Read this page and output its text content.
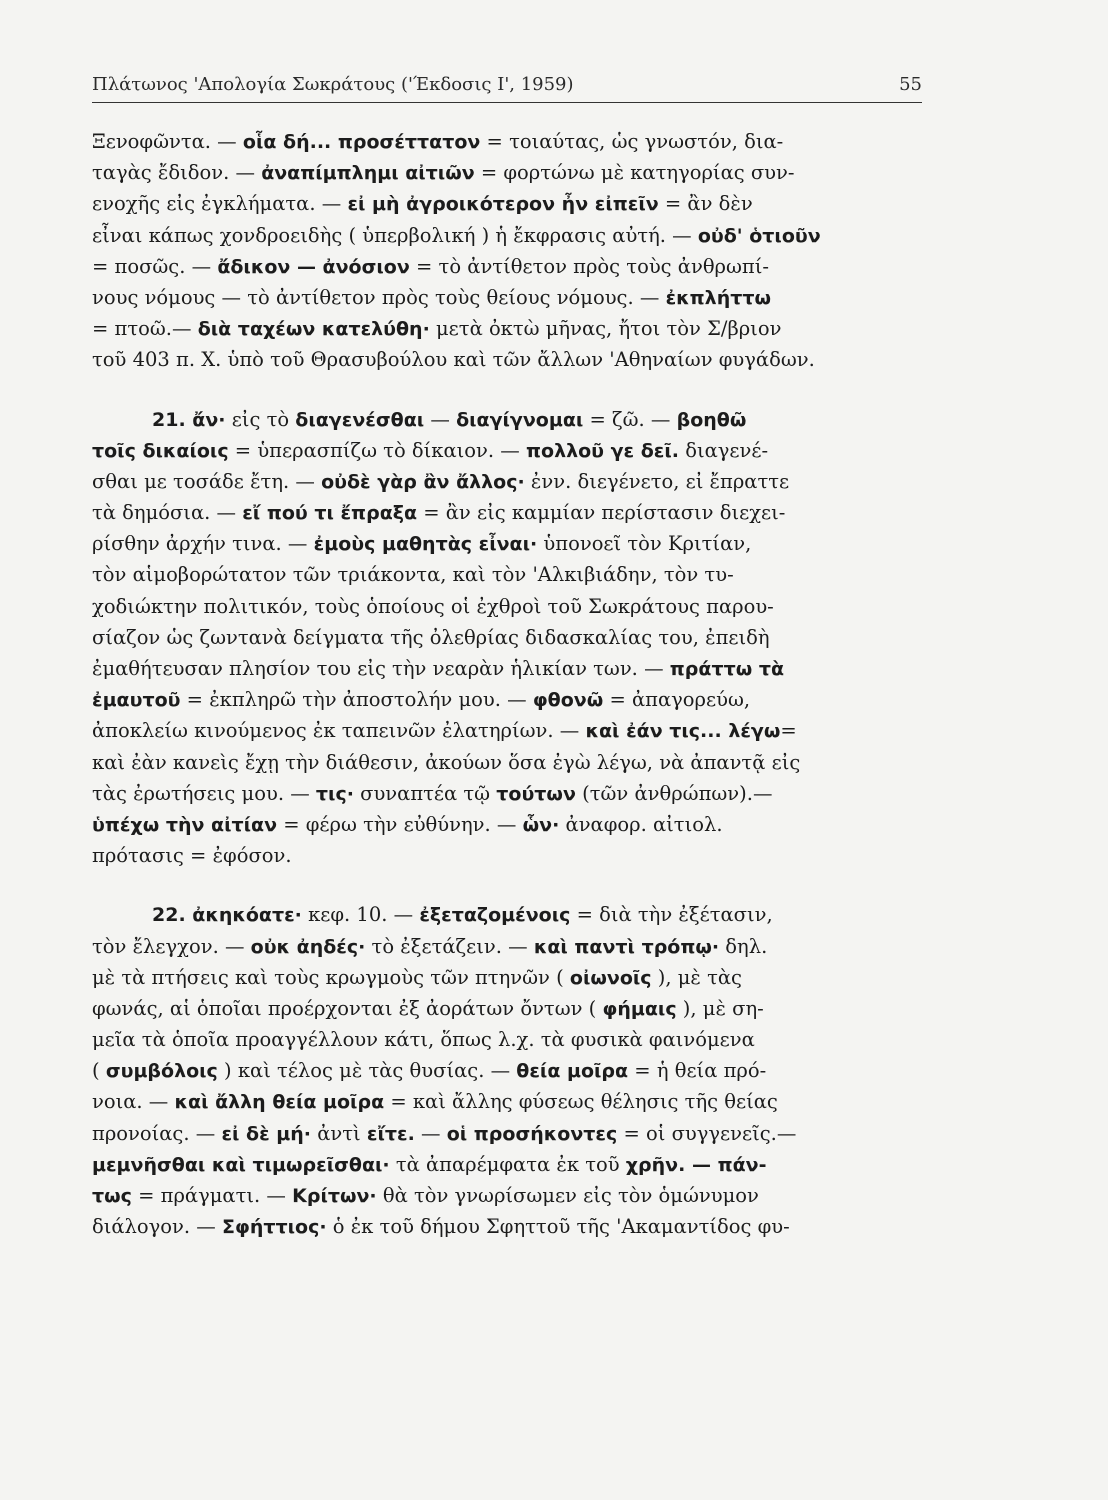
Πλάτωνος 'Απολογία Σωκράτους ('Έκδοσις Ι', 1959)	55
Ξενοφῶντα. — οἷα δή... προσέττατον = τοιαύτας, ὡς γνωστόν, δια-
ταγὰς ἔδιδον. — ἀναπίμπλημι αἰτιῶν = φορτώνω μὲ κατηγορίας συν-
ενοχῆς εἰς ἐγκλήματα. — εἰ μὴ ἀγροικότερον ἦν εἰπεῖν = ἂν δὲν
εἶναι κάπως χονδροειδὴς ( ὑπερβολική ) ἡ ἔκφρασις αὐτή. — οὐδ' ὁτιοῦν
= ποσῶς. — ἄδικον — ἀνόσιον = τὸ ἀντίθετον πρὸς τοὺς ἀνθρωπί-
νους νόμους — τὸ ἀντίθετον πρὸς τοὺς θείους νόμους. — ἐκπλήττω
= πτοῶ.— διὰ ταχέων κατελύθη· μετὰ ὀκτὼ μῆνας, ἤτοι τὸν Σ/βριον
τοῦ 403 π. Χ. ὑπὸ τοῦ Θρασυβούλου καὶ τῶν ἄλλων 'Αθηναίων φυγάδων.
21. ἄν· εἰς τὸ διαγενέσθαι — διαγίγνομαι = ζῶ. — βοηθῶ
τοῖς δικαίοις = ὑπερασπίζω τὸ δίκαιον. — πολλοῦ γε δεῖ. διαγενέ-
σθαι με τοσάδε ἔτη. — οὐδὲ γὰρ ἂν ἄλλος· ἐνν. διεγένετο, εἰ ἔπραττε
τὰ δημόσια. — εἴ πού τι ἔπραξα = ἂν εἰς καμμίαν περίστασιν διεχει-
ρίσθην ἀρχήν τινα. — ἐμοὺς μαθητὰς εἶναι· ὑπονοεῖ τὸν Κριτίαν,
τὸν αἱμοβορώτατον τῶν τριάκοντα, καὶ τὸν 'Αλκιβιάδην, τὸν τυ-
χοδιώκτην πολιτικόν, τοὺς ὁποίους οἱ ἐχθροὶ τοῦ Σωκράτους παρου-
σίαζον ὡς ζωντανὰ δείγματα τῆς ὀλεθρίας διδασκαλίας του, ἐπειδὴ
ἐμαθήτευσαν πλησίον του εἰς τὴν νεαρὰν ἡλικίαν των. — πράττω τὰ
ἐμαυτοῦ = ἐκπληρῶ τὴν ἀποστολήν μου. — φθονῶ = ἀπαγορεύω,
ἀποκλείω κινούμενος ἐκ ταπεινῶν ἐλατηρίων. — καὶ ἐάν τις... λέγω=
καὶ ἐὰν κανεὶς ἔχῃ τὴν διάθεσιν, ἀκούων ὅσα ἐγὼ λέγω, νὰ ἀπαντᾷ εἰς
τὰς ἐρωτήσεις μου. — τις· συναπτέα τῷ τούτων (τῶν ἀνθρώπων).—
ὑπέχω τὴν αἰτίαν = φέρω τὴν εὐθύνην. — ὧν· ἀναφορ. αἰτιολ.
πρότασις = ἐφόσον.
22. ἀκηκόατε· κεφ. 10. — ἐξεταζομένοις = διὰ τὴν ἐξέτασιν,
τὸν ἔλεγχον. — οὐκ ἀηδές· τὸ ἐξετάζειν. — καὶ παντὶ τρόπῳ· δηλ.
μὲ τὰ πτήσεις καὶ τοὺς κρωγμοὺς τῶν πτηνῶν ( οἰωνοῖς ), μὲ τὰς
φωνάς, αἱ ὁποῖαι προέρχονται ἐξ ἀοράτων ὄντων ( φήμαις ), μὲ ση-
μεῖα τὰ ὁποῖα προαγγέλλουν κάτι, ὅπως λ.χ. τὰ φυσικὰ φαινόμενα
( συμβόλοις ) καὶ τέλος μὲ τὰς θυσίας. — θεία μοῖρα = ἡ θεία πρό-
νοια. — καὶ ἄλλη θεία μοῖρα = καὶ ἄλλης φύσεως θέλησις τῆς θείας
προνοίας. — εἰ δὲ μή· ἀντὶ εἴτε. — οἱ προσήκοντες = οἱ συγγενεῖς.—
μεμνῆσθαι καὶ τιμωρεῖσθαι· τὰ ἀπαρέμφατα ἐκ τοῦ χρῆν. — πάν-
τως = πράγματι. — Κρίτων· θὰ τὸν γνωρίσωμεν εἰς τὸν ὁμώνυμον
διάλογον. — Σφήττιος· ὁ ἐκ τοῦ δήμου Σφηττοῦ τῆς 'Ακαμαντίδος φυ-
